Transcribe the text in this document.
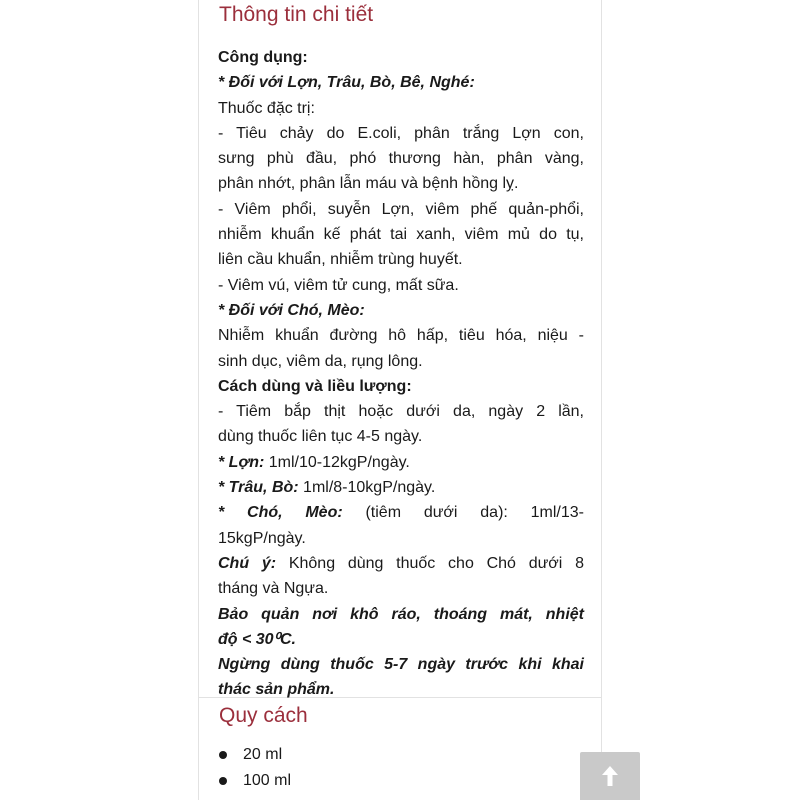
Thông tin chi tiết

Công dụng:

* Đối với Lợn, Trâu, Bò, Bê, Nghé:

Thuốc đặc trị:

- Tiêu chảy do E.coli, phân trắng Lợn con,

sưng phù đầu, phó thương hàn, phân vàng,

phân nhớt, phân lẫn máu và bệnh hồng lỵ.

- Viêm phổi, suyễn Lợn, viêm phế quản-phổi,

nhiễm khuẩn kế phát tai xanh, viêm mủ do tụ,

liên cầu khuẩn, nhiễm trùng huyết.

- Viêm vú, viêm tử cung, mất sữa.

* Đối với Chó, Mèo:

Nhiễm khuẩn đường hô hấp, tiêu hóa, niệu -

sinh dục, viêm da, rụng lông.

Cách dùng và liều lượng:

- Tiêm bắp thịt hoặc dưới da, ngày 2 lần,

dùng thuốc liên tục 4-5 ngày.

* Lợn: 1ml/10-12kgP/ngày.

* Trâu, Bò: 1ml/8-10kgP/ngày.

* Chó, Mèo: (tiêm dưới da): 1ml/13-

15kgP/ngày.

Chú ý: Không dùng thuốc cho Chó dưới 8

tháng và Ngựa.

Bảo quản nơi khô ráo, thoáng mát, nhiệt

độ < 30⁰C.

Ngừng dùng thuốc 5-7 ngày trước khi khai

thác sản phẩm.

Quy cách
20 ml
100 ml
